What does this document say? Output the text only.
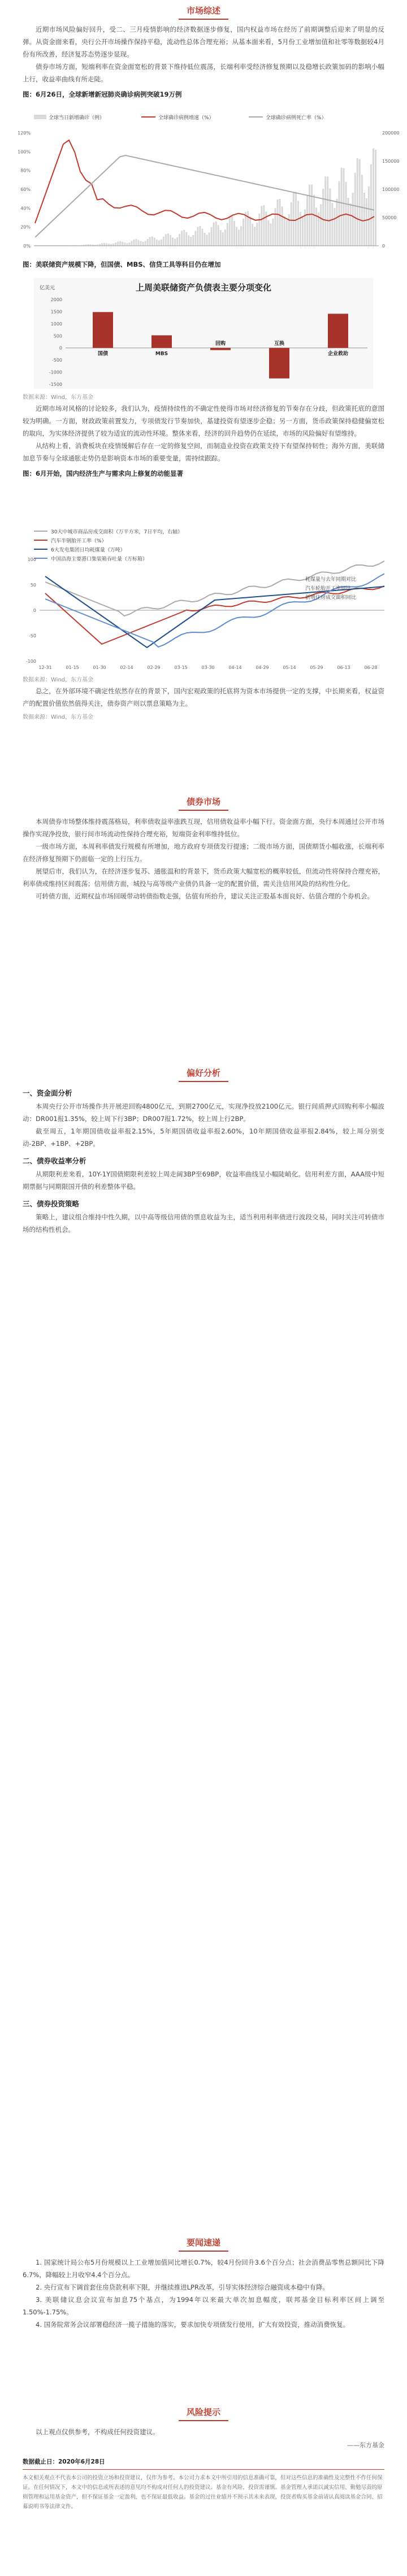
市场综述

近期市场风险偏好回升，受二、三月疫情影响的经济数据逐步修复，国内权益市场在经历了前期调整后迎来了明显的反弹。从资金面来看，央行公开市场操作保持平稳，流动性总体合理充裕；从基本面来看，5月份工业增加值和社零等数据较4月份有所改善，经济复苏态势逐步显现。

债券市场方面，短端利率在资金面宽松的背景下维持低位震荡，长端利率受经济修复预期以及稳增长政策加码的影响小幅上行，收益率曲线有所走陡。

图：6月26日，全球新增新冠肺炎确诊病例突破19万例
全球当日新增确诊（例）	全球确诊病例增速（%）	全球确诊病例死亡率（%）
120%
100%
80%
60%
40%
20%
0%
200000
150000
100000
50000
0
图：美联储资产规模下降，但国债、MBS、信贷工具等科目仍在增加
亿美元	上周美联储资产负债表主要分项变化
2000
1500
1000
500
0
-500
-1000
-1500
国债	MBS
回购	互换
企业救助
数据来源：Wind，东方基金

近期市场对风格的讨论较多，我们认为，疫情持续性的不确定性使得市场对经济修复的节奏存在分歧，但政策托底的意图较为明确。一方面，财政政策前置发力，专项债发行节奏加快，基建投资有望逐步企稳；另一方面，货币政策保持稳健偏宽松的取向，为实体经济提供了较为适宜的流动性环境。整体来看，经济的回升趋势仍在延续，市场的风险偏好有望维持。

从结构上看，消费板块在疫情缓解后存在一定的修复空间，而制造业投资在政策支持下有望保持韧性；海外方面，美联储加息节奏与全球通胀走势仍是影响资本市场的重要变量，需持续跟踪。

图：6月开始，国内经济生产与需求向上修复的动能显著
30大中城市商品房成交面积（万平方米，7日平均，右轴）
汽车半钢胎开工率（%）
6大发电集团日均耗煤量（万吨）
中国沿海主要港口集装箱吞吐量（万标箱）
100
50
0
-50
-100
12-31	01-15	01-30	02-14	02-29	03-15	03-30	04-14	04-29	05-14	05-29	06-13	06-28
耗煤量与去年同期对比
汽车轮胎开工率同比
新增住房成交面积同比
数据来源：Wind，东方基金

总之，在外部环境不确定性依然存在的背景下，国内宏观政策的托底将为资本市场提供一定的支撑，中长期来看，权益资产的配置价值依然值得关注，债券资产则以票息策略为主。

数据来源：Wind，东方基金
债券市场

本周债券市场整体维持震荡格局，利率债收益率涨跌互现，信用债收益率小幅下行。资金面方面，央行本周通过公开市场操作实现净投放，银行间市场流动性保持合理充裕，短端资金利率维持低位。

一级市场方面，本周利率债发行规模有所增加，地方政府专项债发行提速；二级市场方面，国债期货小幅收涨，长端利率在经济修复预期下仍面临一定的上行压力。

展望后市，我们认为，在经济逐步复苏、通胀温和的背景下，货币政策大幅宽松的概率较低，但流动性将保持合理充裕，利率债或维持区间震荡；信用债方面，城投与高等级产业债仍具备一定的配置价值，需关注信用风险的结构性分化。

可转债方面，近期权益市场回暖带动转债指数走强，估值有所抬升，建议关注正股基本面良好、估值合理的个券机会。

偏好分析
一、资金面分析

本周央行公开市场操作共开展逆回购4800亿元，到期2700亿元，实现净投放2100亿元。银行间质押式回购利率小幅波动：DR001报1.35%，较上周下行3BP；DR007报1.72%，较上周上行2BP。

截至周五，1年期国债收益率报2.15%，5年期国债收益率报2.60%，10年期国债收益率报2.84%，较上周分别变动-2BP、+1BP、+2BP。

二、债券收益率分析

从期限利差来看，10Y-1Y国债期限利差较上周走阔3BP至69BP，收益率曲线呈小幅陡峭化。信用利差方面，AAA级中短期票据与同期限国开债的利差整体平稳。

三、债券投资策略

策略上，建议组合维持中性久期，以中高等级信用债的票息收益为主，适当利用利率债进行波段交易，同时关注可转债市场的结构性机会。

要闻速递

1. 国家统计局公布5月份规模以上工业增加值同比增长0.7%，较4月份回升3.6个百分点；社会消费品零售总额同比下降6.7%，降幅较上月收窄4.4个百分点。

2. 央行宣布下调首套住房贷款利率下限，并继续推进LPR改革，引导实体经济综合融资成本稳中有降。

3. 美联储议息会议宣布加息75个基点，为1994年以来最大单次加息幅度，联邦基金目标利率区间上调至1.50%-1.75%。

4. 国务院常务会议部署稳经济一揽子措施的落实，要求加快专项债发行使用，扩大有效投资，推动消费恢复。

风险提示

以上观点仅供参考，不构成任何投资建议。

——东方基金
数据截止日：2020年6月28日

本文相关观点不代表本公司的投资立场和投资建议，仅作为参考。本公司力求本文中所引用的信息准确可靠，但对这些信息的准确性及完整性不作任何保证。在任何情况下，本文中的信息或所表述的意见均不构成对任何人的投资建议。基金有风险，投资需谨慎。基金管理人承诺以诚实信用、勤勉尽责的原则管理和运用基金资产，但不保证基金一定盈利，也不保证最低收益。基金的过往业绩并不预示其未来表现，投资者购买基金前请认真阅读基金合同、招募说明书等法律文件。
